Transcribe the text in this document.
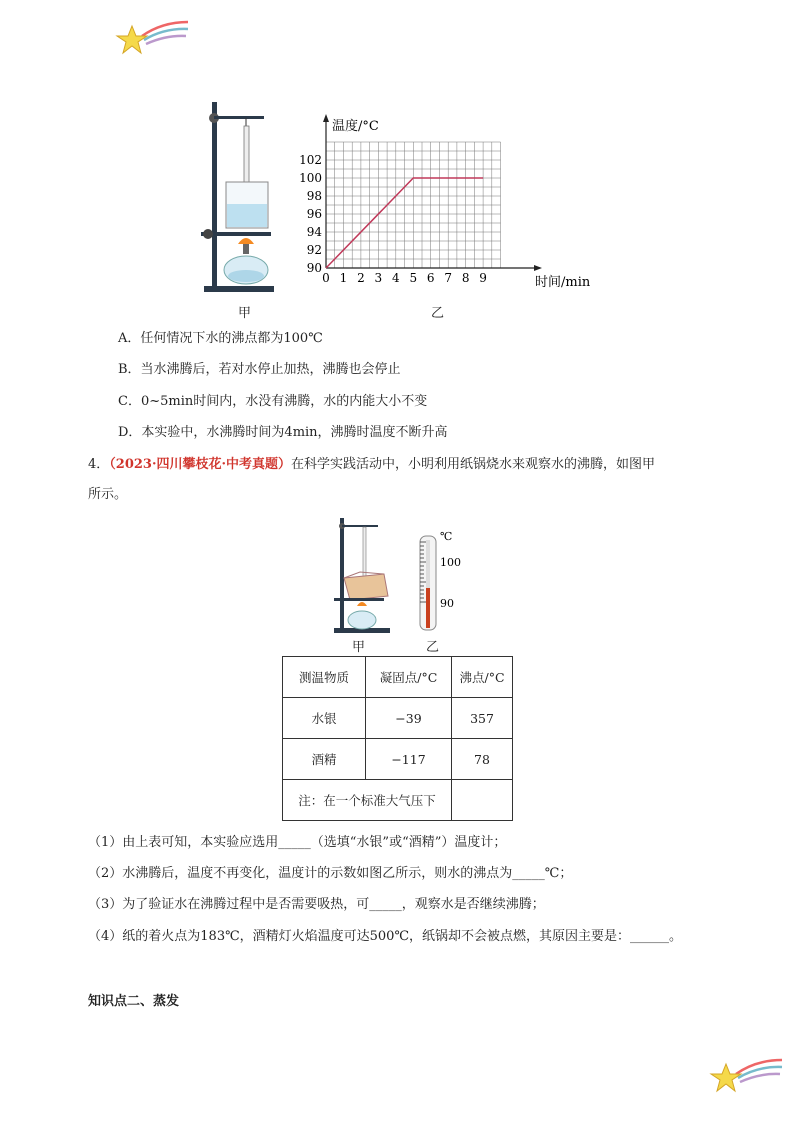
甲
0 1 2 3 4 5 6 7 8 9
90
92
94
96
98
100
102
温度/°C
时间/min
乙
A．任何情况下水的沸点都为100℃
B．当水沸腾后，若对水停止加热，沸腾也会停止
C．0~5min时间内，水没有沸腾，水的内能大小不变
D．本实验中，水沸腾时间为4min，沸腾时温度不断升高
4．（2023·四川攀枝花·中考真题）在科学实践活动中，小明利用纸锅烧水来观察水的沸腾，如图甲
所示。
甲
℃
100
90
乙
测温物质	凝固点/°C	沸点/°C
水银	−39	357
酒精	−117	78
注：在一个标准大气压下		
（1）由上表可知，本实验应选用_____（选填“水银”或“酒精”）温度计；
（2）水沸腾后，温度不再变化，温度计的示数如图乙所示，则水的沸点为_____℃；
（3）为了验证水在沸腾过程中是否需要吸热，可_____，观察水是否继续沸腾；
（4）纸的着火点为183℃，酒精灯火焰温度可达500℃，纸锅却不会被点燃，其原因主要是：______。
知识点二、蒸发
